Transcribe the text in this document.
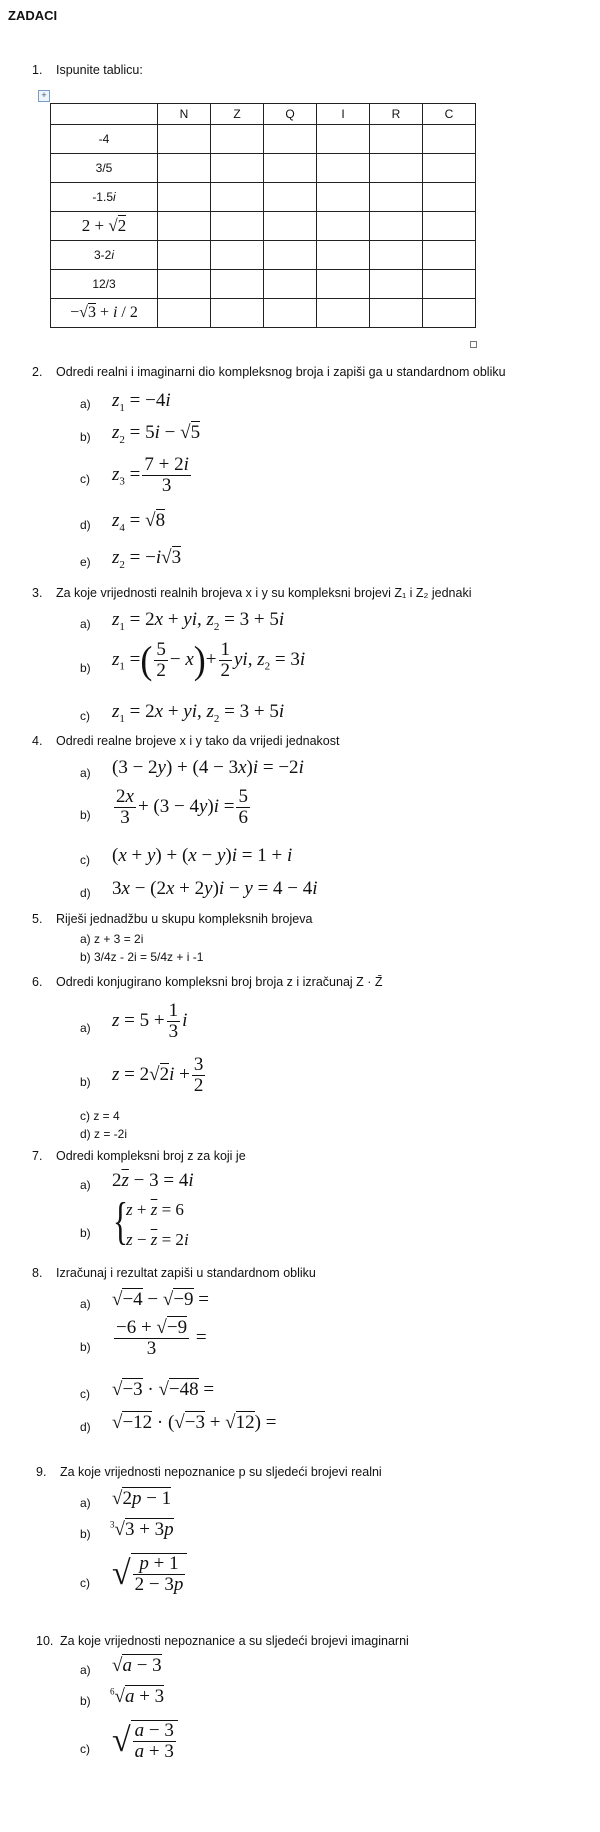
ZADACI
1. Ispunite tablicu:
+
	N	Z	Q	I	R	C
-4						
3/5						
-1.5i						
2 + √2						
3-2i						
12/3						
−√3 + i / 2						
2. Odredi realni i imaginarni dio kompleksnog broja i zapiši ga u standardnom obliku
a) $z_1 = -4i$
b) $z_2 = 5i - √5$
c) $z_3 = \frac{7 + 2i}{3}$
d) $z_4 = √8$
e) $z_2 = -i√3$
3. Za koje vrijednosti realnih brojeva x i y su kompleksni brojevi Z₁ i Z₂ jednaki
a) $z_1 = 2x$ + yi, $z_2 = 3 + 5i$
b) $z_1$ =( $\frac{5}{2} - x)+ \frac{1}{2}$ yi, $z_2 = 3i$
c) $z_1 = 2x$ + yi, $z_2 = 3 + 5i$
4. Odredi realne brojeve x i y tako da vrijedi jednakost
a) (3 − 2y) + (4 − 3x)i = −2i
$b) \frac{2x}{3} + (3 - 4y)i = \frac{5}{6}$
c) (x + y) + (x − y)i = 1 + i
d) 3x − (2x + 2y)i − y = 4 − 4i
5. Riješi jednadžbu u skupu kompleksnih brojeva
a) z + 3 = 2i
b) 3/4z - 2i = 5/4z + i -1
6. Odredi konjugirano kompleksni broj broja z i izračunaj Z · Z̄
a) $z = 5 + \frac{1}{3}$ i
b) $z = 2√2i + \frac{3}{2}$
c) z = 4
d) z = -2i
7. Odredi kompleksni broj z za koji je
a) $2\overline{z} - 3 = 4i$
b) {
$z + \overline{z} = 6$
$z - \overline{z} = 2i$
8. Izračunaj i rezultat zapiši u standardnom obliku
a) √−4 − √−9 =
$b) \frac{-6 + √-9}{3}$ =
c) √−3 · √−48 =
d) √−12 · (√−3 + √12) =
9. Za koje vrijednosti nepoznanice p su sljedeći brojevi realni
a) √2p − 1
b)
$^3$√3 + 3p
c) √ $\frac{p + 1}{2 - 3p}$
10. Za koje vrijednosti nepoznanice a su sljedeći brojevi imaginarni
a) √a − 3
b)
$^6$√a + 3
c) √ $\frac{a - 3}{a + 3}$
